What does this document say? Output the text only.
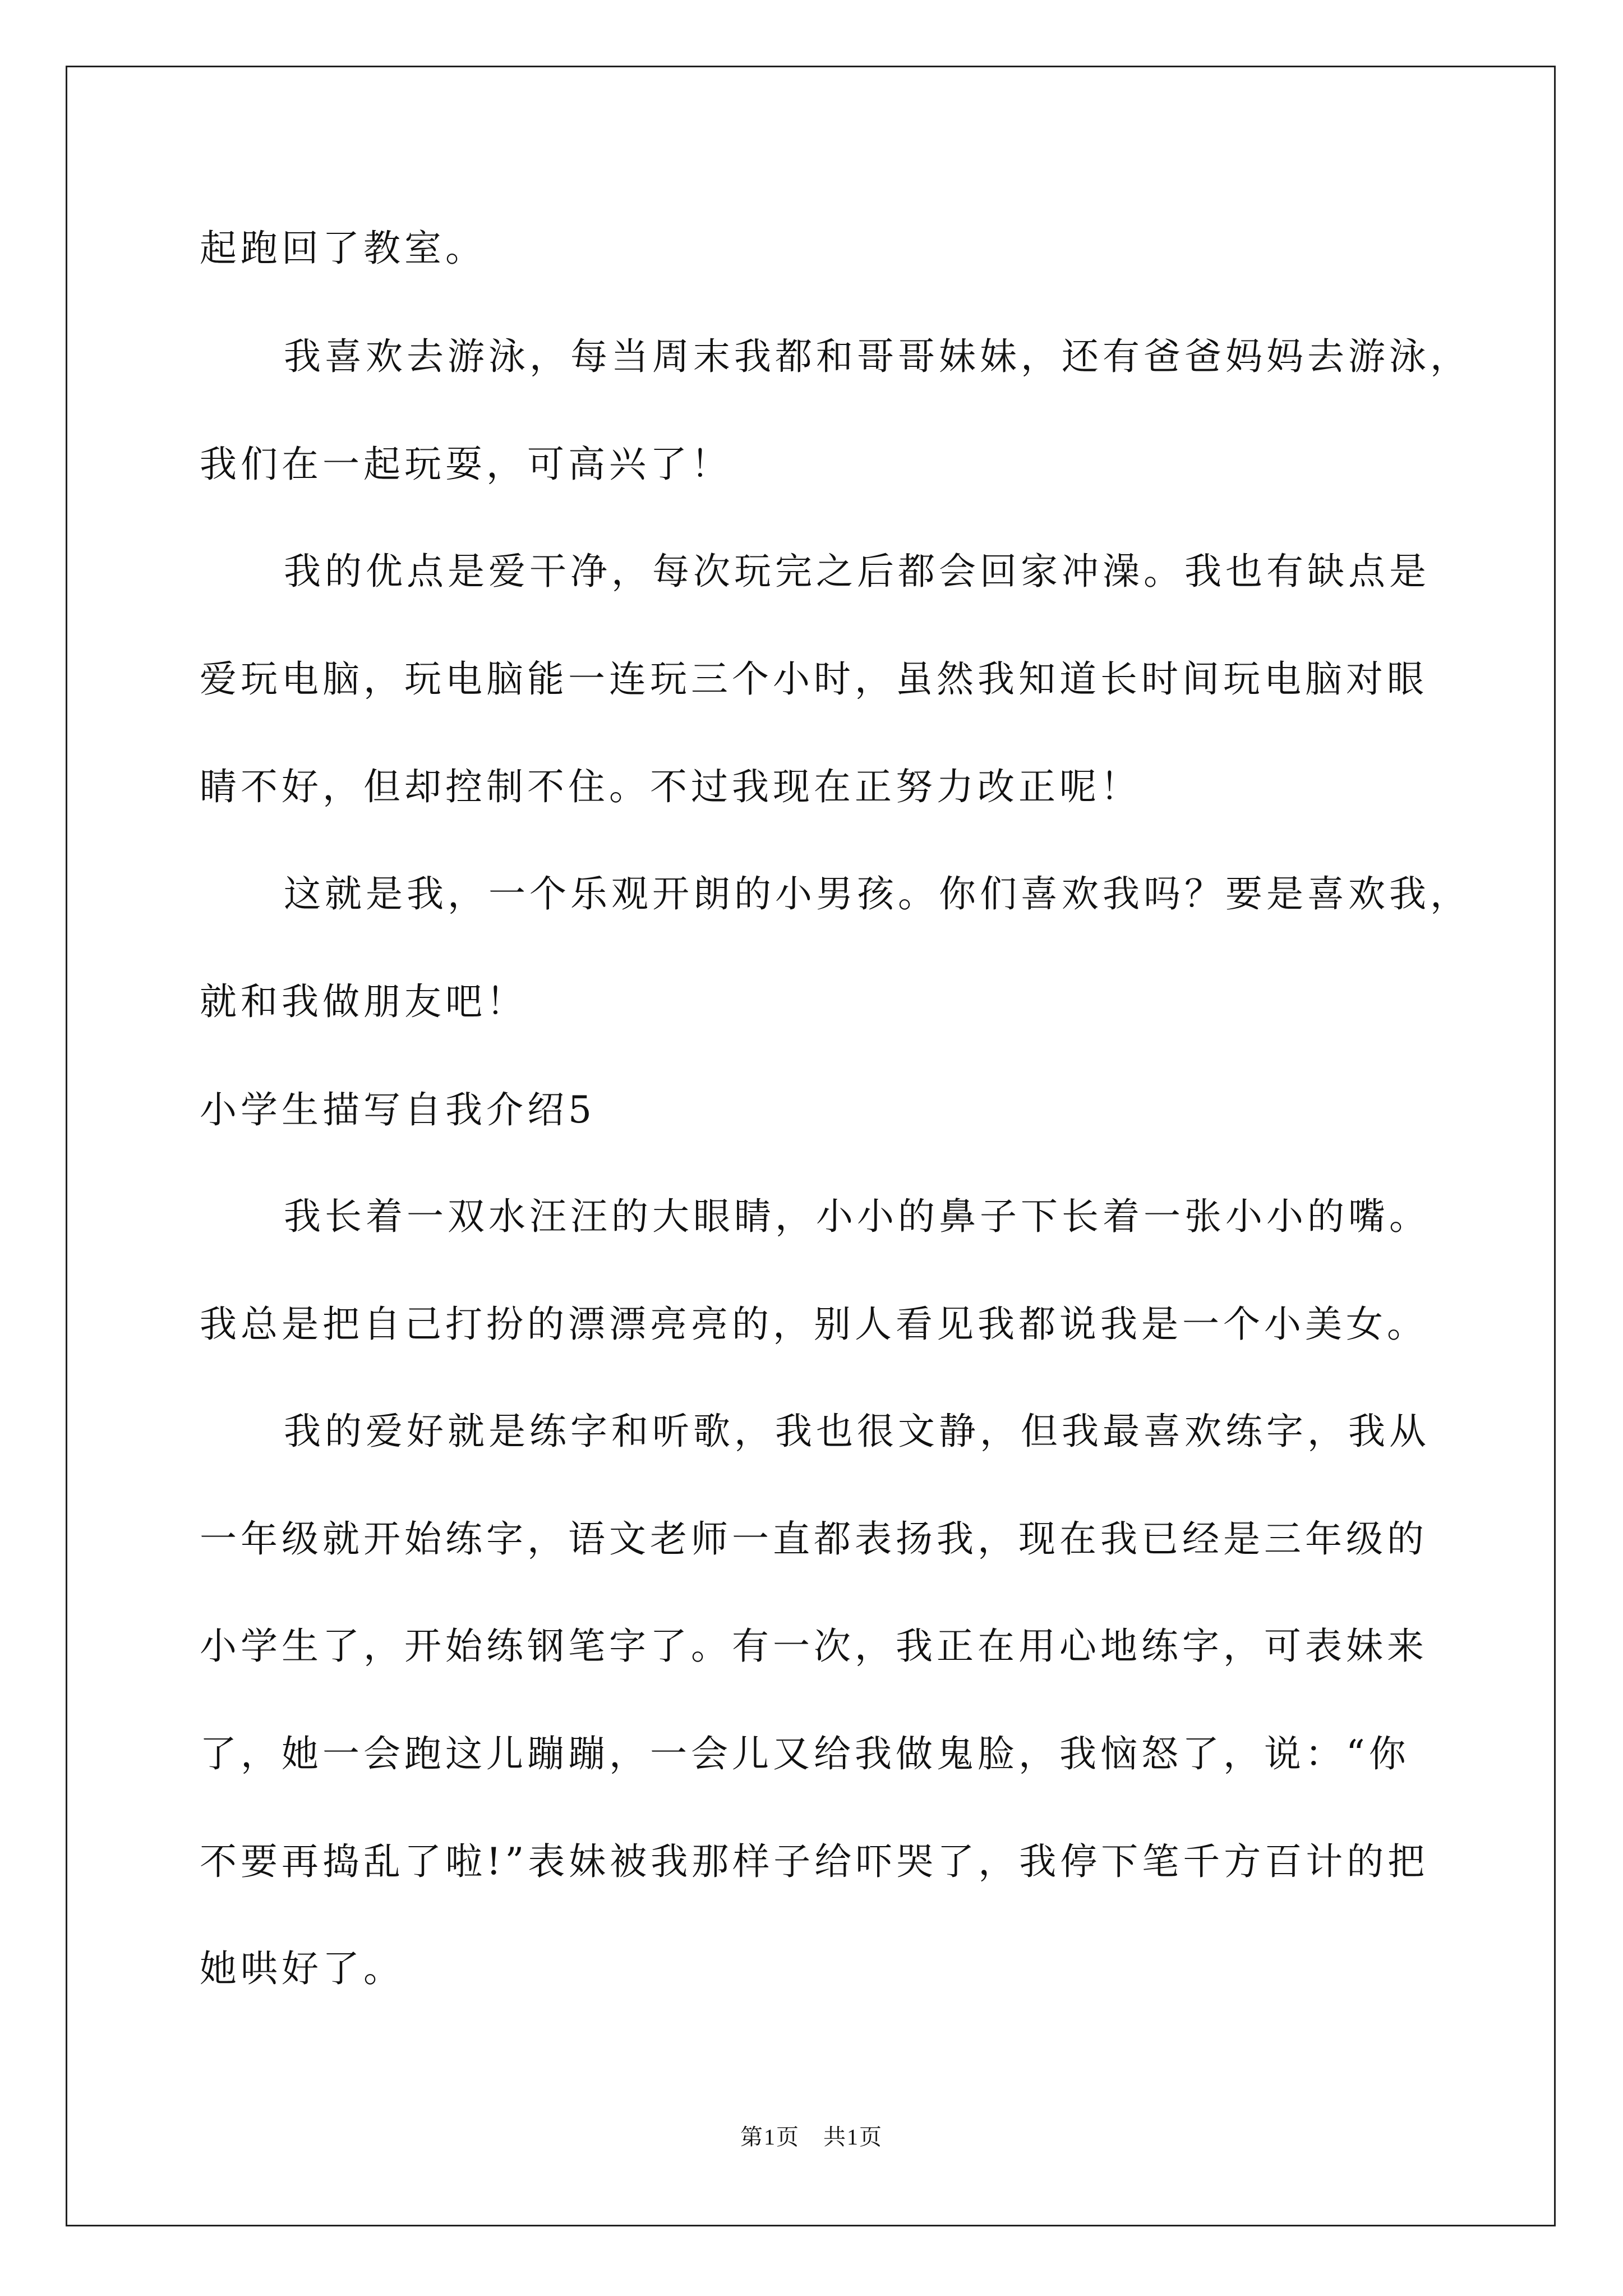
起跑回了教室。
我喜欢去游泳，每当周末我都和哥哥妹妹，还有爸爸妈妈去游泳，
我们在一起玩耍，可高兴了！
我的优点是爱干净，每次玩完之后都会回家冲澡。我也有缺点是
爱玩电脑，玩电脑能一连玩三个小时，虽然我知道长时间玩电脑对眼
睛不好，但却控制不住。不过我现在正努力改正呢！
这就是我，一个乐观开朗的小男孩。你们喜欢我吗？要是喜欢我，
就和我做朋友吧！
小学生描写自我介绍5
我长着一双水汪汪的大眼睛，小小的鼻子下长着一张小小的嘴。
我总是把自己打扮的漂漂亮亮的，别人看见我都说我是一个小美女。
我的爱好就是练字和听歌，我也很文静，但我最喜欢练字，我从
一年级就开始练字，语文老师一直都表扬我，现在我已经是三年级的
小学生了，开始练钢笔字了。有一次，我正在用心地练字，可表妹来
了，她一会跑这儿蹦蹦，一会儿又给我做鬼脸，我恼怒了，说：“你
不要再捣乱了啦!”表妹被我那样子给吓哭了，我停下笔千方百计的把
她哄好了。
第1页　共1页
